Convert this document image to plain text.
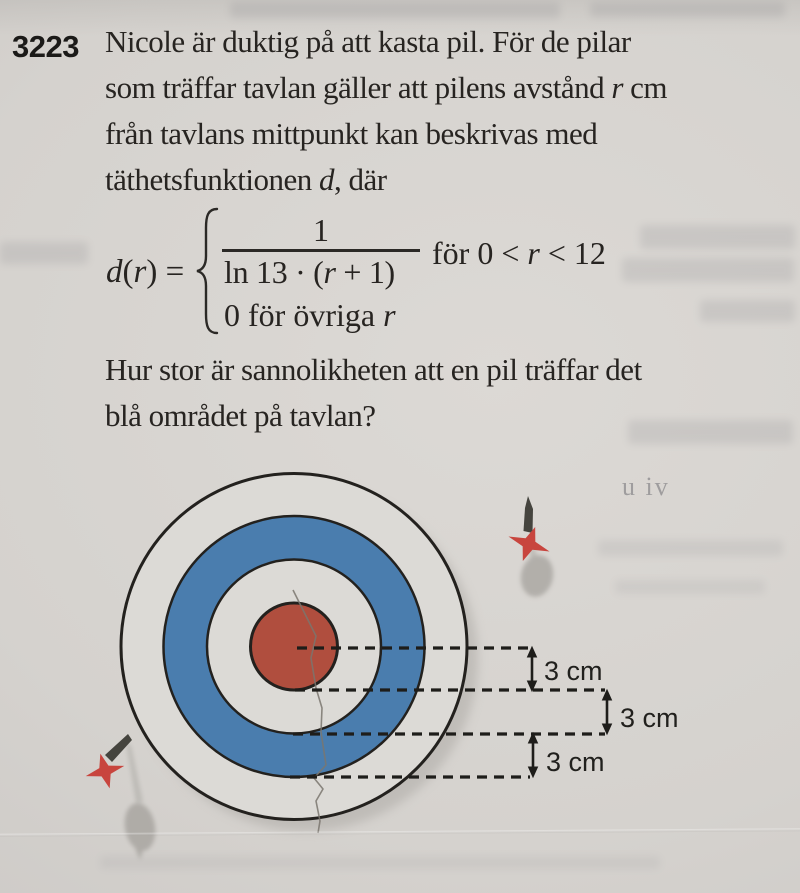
u iv
3223 Nicole är duktig på att kasta pil. För de pilar
som träffar tavlan gäller att pilens avstånd r cm
från tavlans mittpunkt kan beskrivas med
täthetsfunktionen d, där
d(r) =
1
ln 13 · (r + 1)
för 0 < r < 12
0 för övriga r
Hur stor är sannolikheten att en pil träffar det
blå området på tavlan?
3 cm
3 cm
3 cm
